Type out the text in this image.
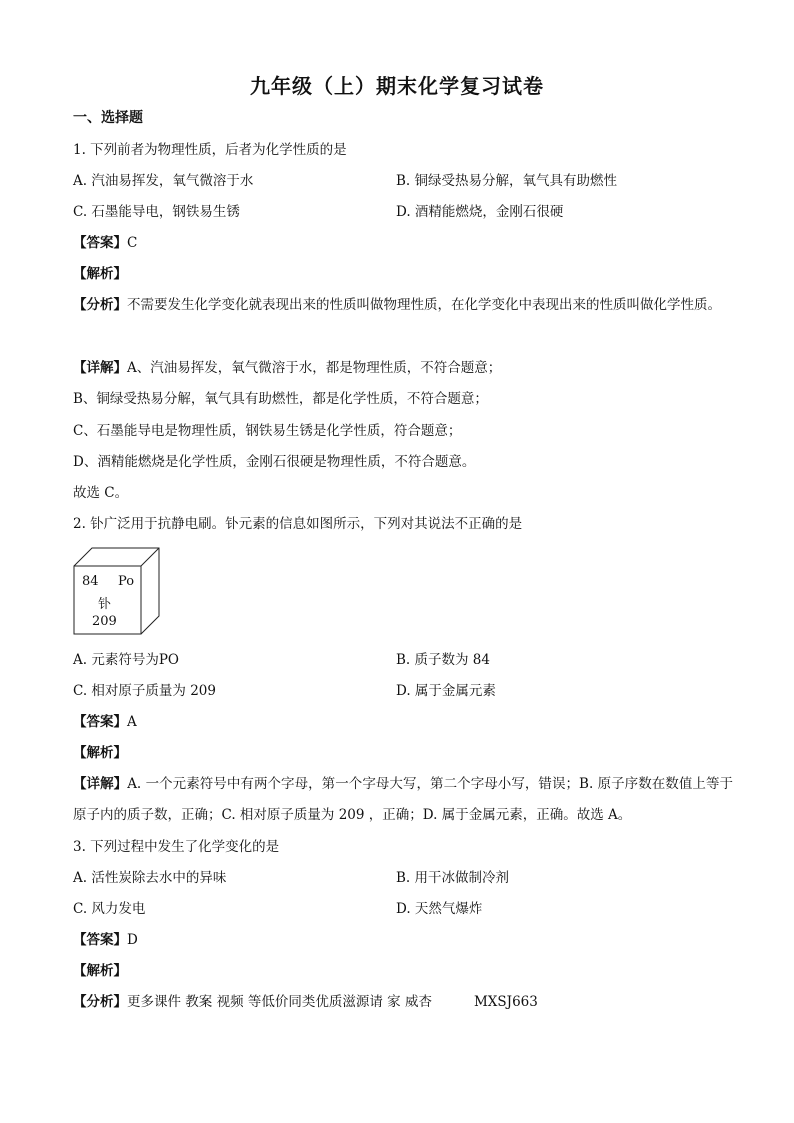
九年级（上）期末化学复习试卷
一、选择题
1. 下列前者为物理性质，后者为化学性质的是
A. 汽油易挥发，氧气微溶于水	B. 铜绿受热易分解，氧气具有助燃性
C. 石墨能导电，钢铁易生锈	D. 酒精能燃烧，金刚石很硬
【答案】C
【解析】
【分析】不需要发生化学变化就表现出来的性质叫做物理性质，在化学变化中表现出来的性质叫做化学性质。
【详解】A、汽油易挥发，氧气微溶于水，都是物理性质，不符合题意；
B、铜绿受热易分解，氧气具有助燃性，都是化学性质，不符合题意；
C、石墨能导电是物理性质，钢铁易生锈是化学性质，符合题意；
D、酒精能燃烧是化学性质，金刚石很硬是物理性质，不符合题意。
故选 C。
2. 钋广泛用于抗静电刷。钋元素的信息如图所示，下列对其说法不正确的是
84 Po
钋
209
A. 元素符号为PO	B. 质子数为 84
C. 相对原子质量为 209	D. 属于金属元素
【答案】A
【解析】
【详解】A. 一个元素符号中有两个字母，第一个字母大写，第二个字母小写，错误；B. 原子序数在数值上等于原子内的质子数，正确；C. 相对原子质量为 209 ，正确；D. 属于金属元素，正确。故选 A。
3. 下列过程中发生了化学变化的是
A. 活性炭除去水中的异味	B. 用干冰做制冷剂
C. 风力发电	D. 天然气爆炸
【答案】D
【解析】
【分析】更多课件 教案 视频 等低价同类优质滋源请 家 威杏	MXSJ663
